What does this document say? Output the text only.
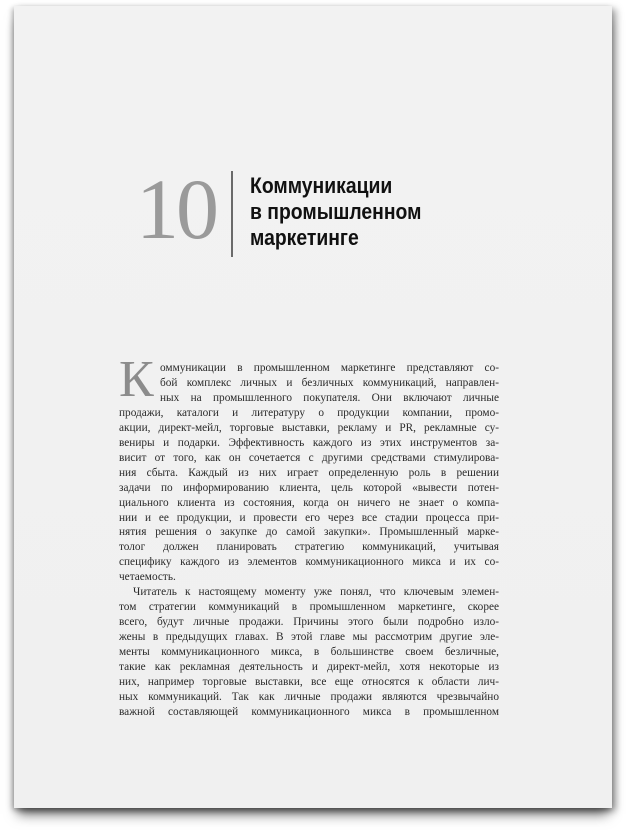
10 Коммуникации
в промышленном
маркетинге
К оммуникации в промышленном маркетинге представляют со-
бой комплекс личных и безличных коммуникаций, направлен-
ных на промышленного покупателя. Они включают личные
продажи, каталоги и литературу о продукции компании, промо-
акции, директ-мейл, торговые выставки, рекламу и PR, рекламные су-
вениры и подарки. Эффективность каждого из этих инструментов за-
висит от того, как он сочетается с другими средствами стимулирова-
ния сбыта. Каждый из них играет определенную роль в решении
задачи по информированию клиента, цель которой «вывести потен-
циального клиента из состояния, когда он ничего не знает о компа-
нии и ее продукции, и провести его через все стадии процесса при-
нятия решения о закупке до самой закупки». Промышленный марке-
толог должен планировать стратегию коммуникаций, учитывая
специфику каждого из элементов коммуникационного микса и их со-
четаемость.
Читатель к настоящему моменту уже понял, что ключевым элемен-
том стратегии коммуникаций в промышленном маркетинге, скорее
всего, будут личные продажи. Причины этого были подробно изло-
жены в предыдущих главах. В этой главе мы рассмотрим другие эле-
менты коммуникационного микса, в большинстве своем безличные,
такие как рекламная деятельность и директ-мейл, хотя некоторые из
них, например торговые выставки, все еще относятся к области лич-
ных коммуникаций. Так как личные продажи являются чрезвычайно
важной составляющей коммуникационного микса в промышленном
